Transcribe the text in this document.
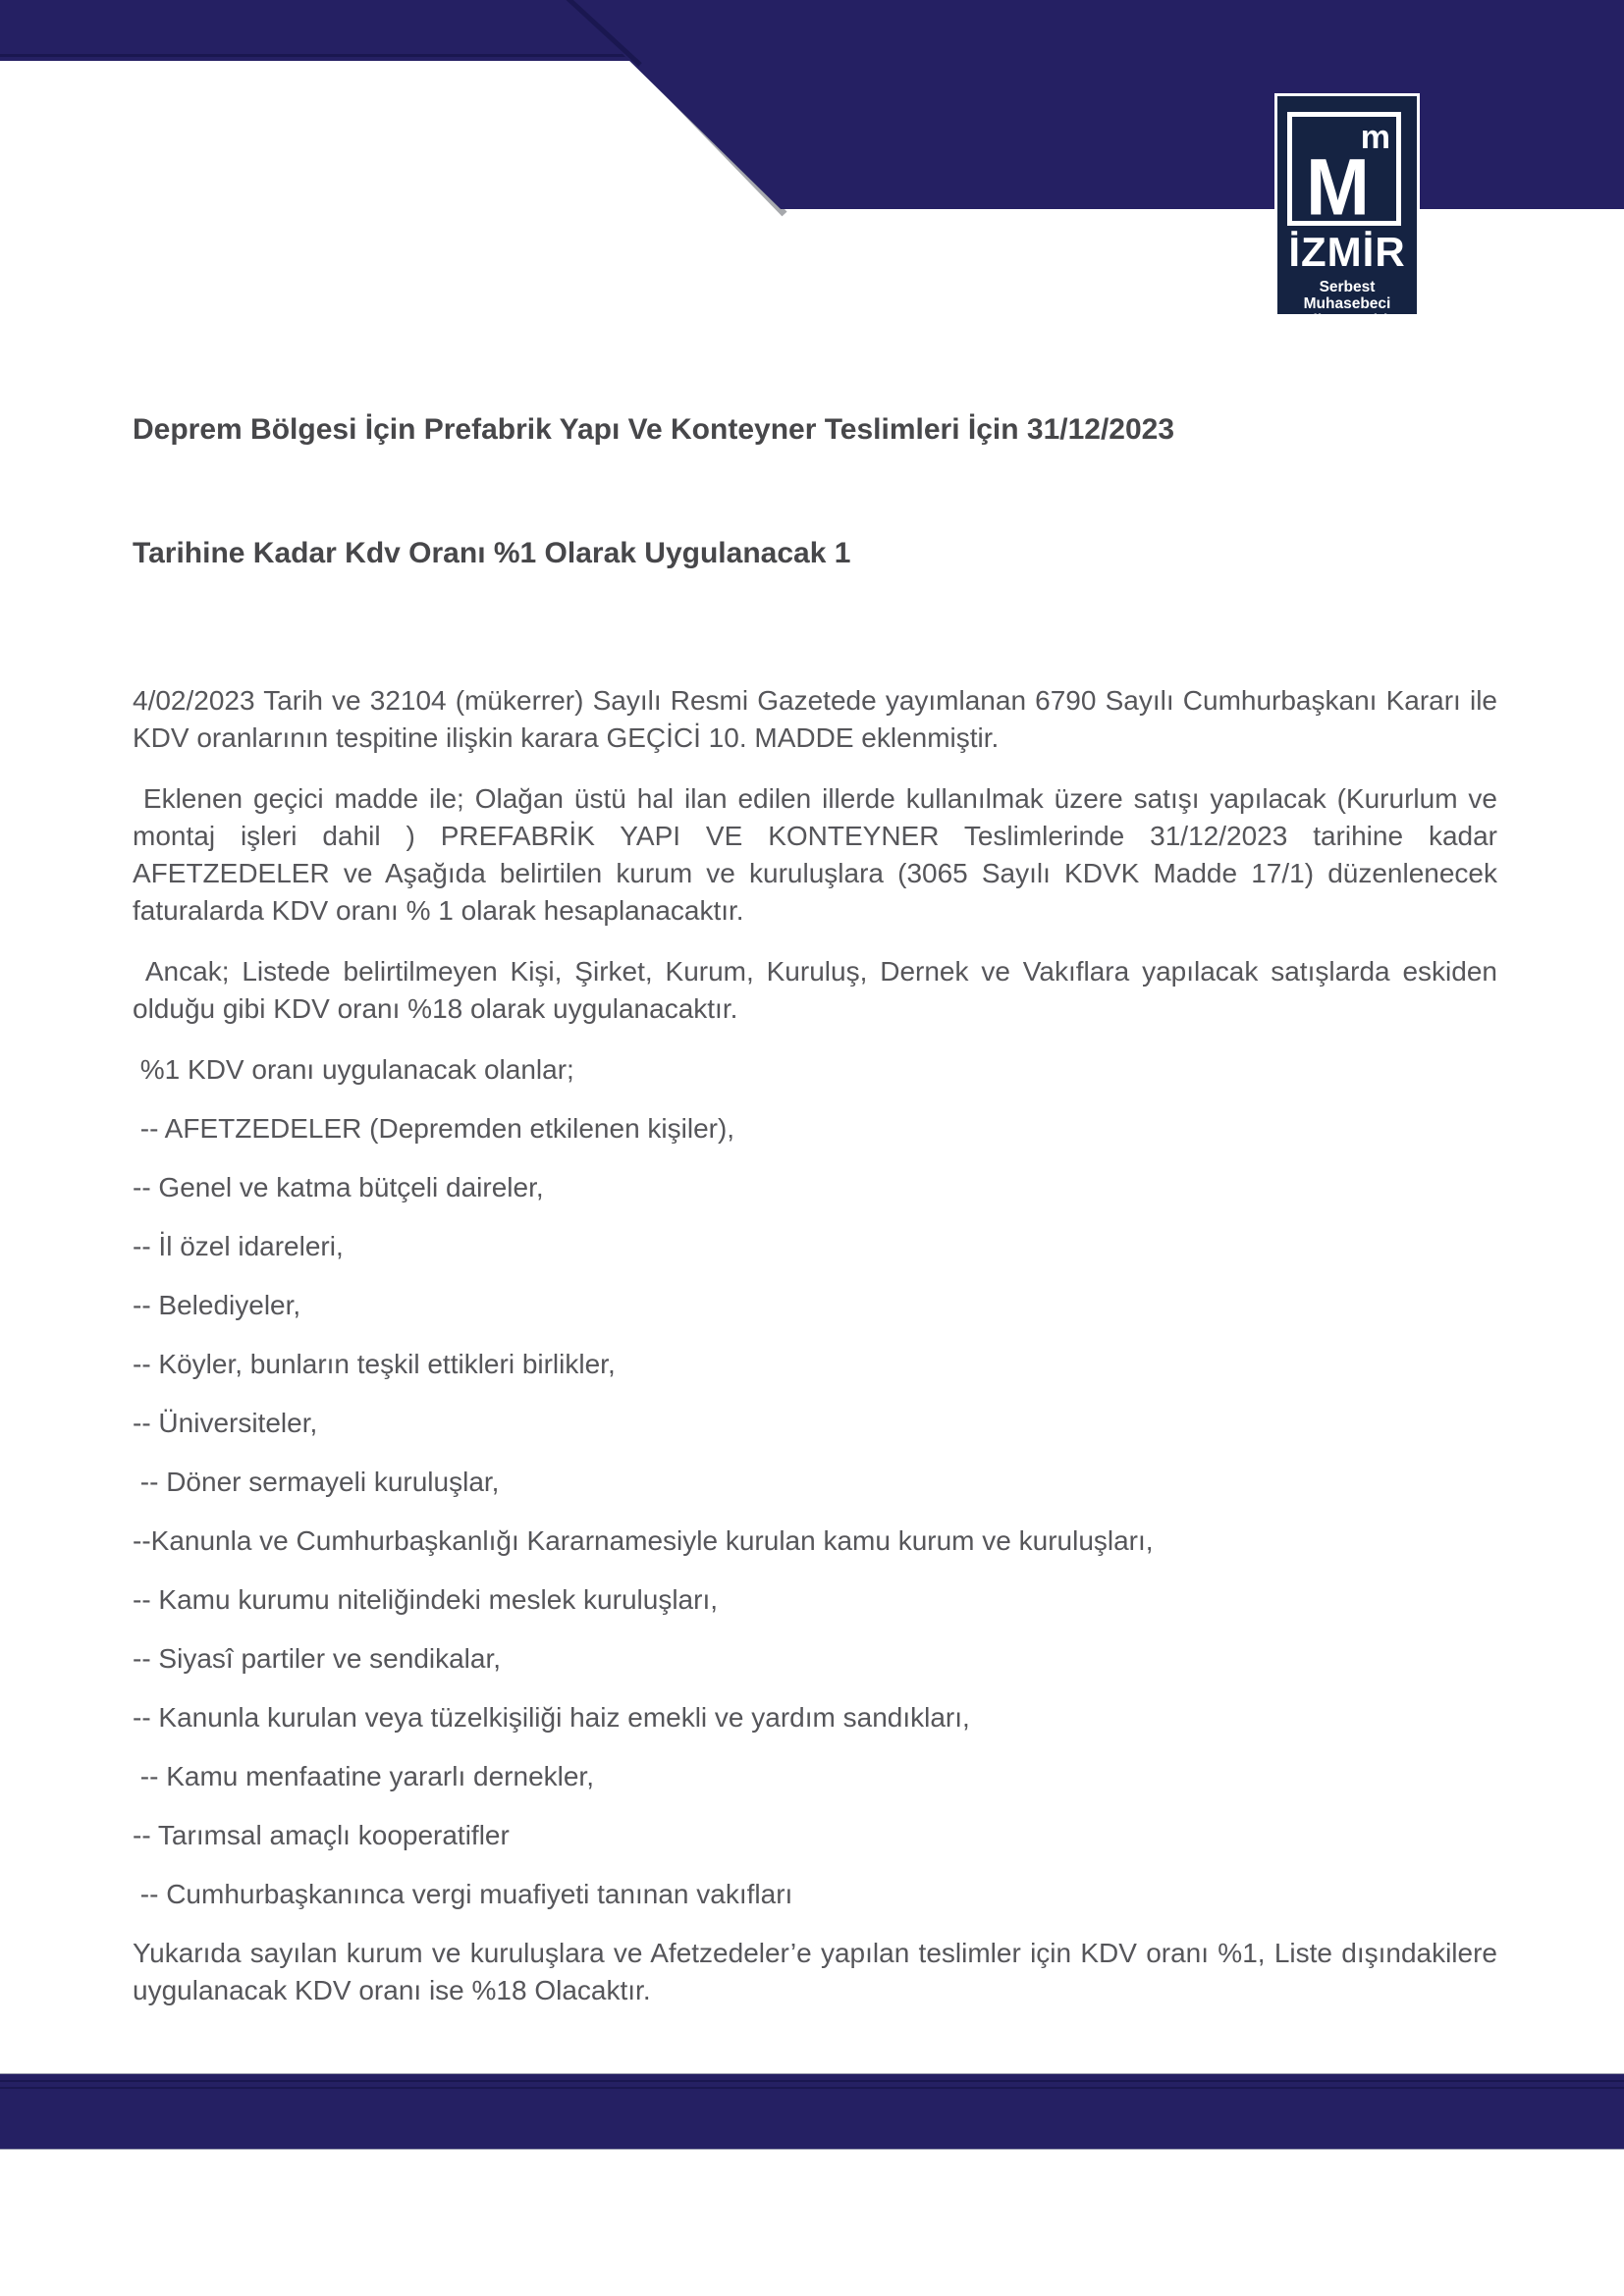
M
m
İZMİR
Serbest Muhasebeci
Mali Müşavirler Odası

Deprem Bölgesi İçin Prefabrik Yapı Ve Konteyner Teslimleri İçin 31/12/2023

Tarihine Kadar Kdv Oranı %1 Olarak Uygulanacak 1

4/02/2023 Tarih ve 32104 (mükerrer) Sayılı Resmi Gazetede yayımlanan 6790 Sayılı Cumhurbaşkanı Kararı ile KDV oranlarının tespitine ilişkin karara GEÇİCİ 10. MADDE eklenmiştir.

Eklenen geçici madde ile; Olağan üstü hal ilan edilen illerde kullanılmak üzere satışı yapılacak (Kururlum ve montaj işleri dahil ) PREFABRİK YAPI VE KONTEYNER Teslimlerinde 31/12/2023 tarihine kadar AFETZEDELER ve Aşağıda belirtilen kurum ve kuruluşlara (3065 Sayılı KDVK Madde 17/1) düzenlenecek faturalarda KDV oranı % 1 olarak hesaplanacaktır.

Ancak; Listede belirtilmeyen Kişi, Şirket, Kurum, Kuruluş, Dernek ve Vakıflara yapılacak satışlarda eskiden olduğu gibi KDV oranı %18 olarak uygulanacaktır.

%1 KDV oranı uygulanacak olanlar;

-- AFETZEDELER (Depremden etkilenen kişiler),

-- Genel ve katma bütçeli daireler,

-- İl özel idareleri,

-- Belediyeler,

-- Köyler, bunların teşkil ettikleri birlikler,

-- Üniversiteler,

-- Döner sermayeli kuruluşlar,

--Kanunla ve Cumhurbaşkanlığı Kararnamesiyle kurulan kamu kurum ve kuruluşları,

-- Kamu kurumu niteliğindeki meslek kuruluşları,

-- Siyasî partiler ve sendikalar,

-- Kanunla kurulan veya tüzelkişiliği haiz emekli ve yardım sandıkları,

-- Kamu menfaatine yararlı dernekler,

-- Tarımsal amaçlı kooperatifler

-- Cumhurbaşkanınca vergi muafiyeti tanınan vakıfları

Yukarıda sayılan kurum ve kuruluşlara ve Afetzedeler’e yapılan teslimler için KDV oranı %1, Liste dışındakilere uygulanacak KDV oranı ise %18 Olacaktır.
